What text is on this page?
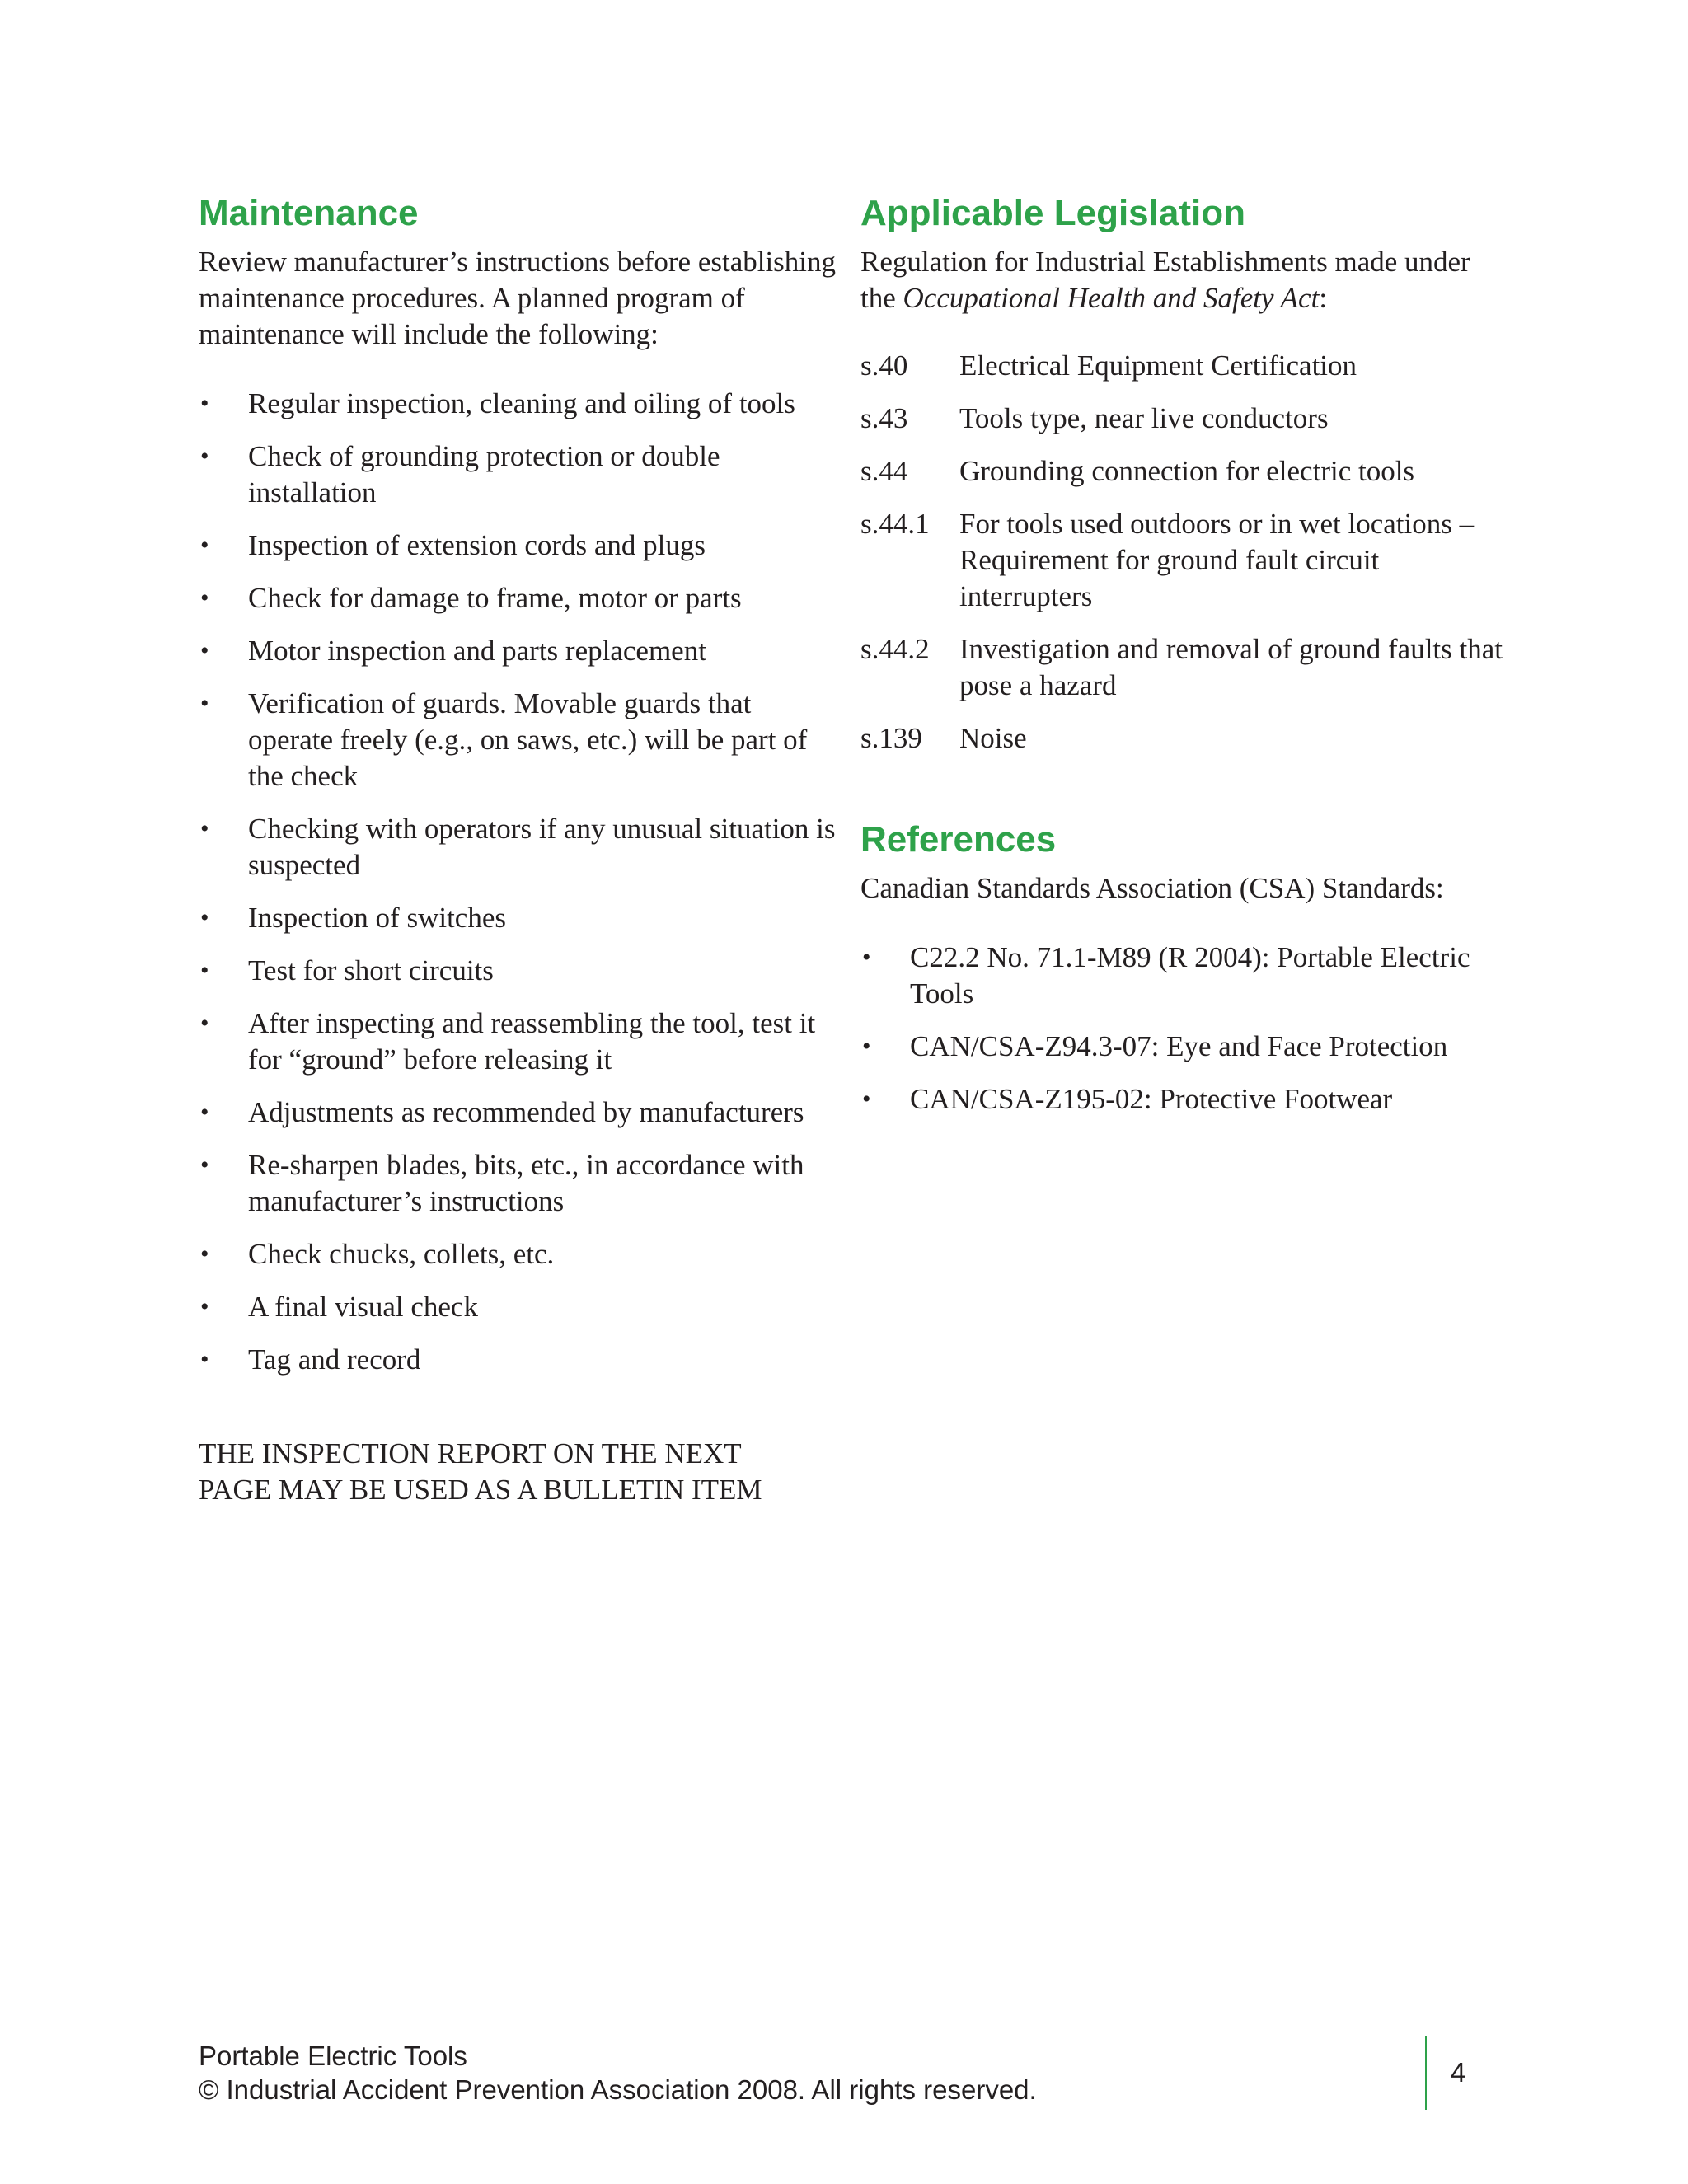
Maintenance

Review manufacturer’s instructions before establishing maintenance procedures. A planned program of maintenance will include the following:

• Regular inspection, cleaning and oiling of tools
• Check of grounding protection or double installation
• Inspection of extension cords and plugs
• Check for damage to frame, motor or parts
• Motor inspection and parts replacement
• Verification of guards. Movable guards that operate freely (e.g., on saws, etc.) will be part of the check
• Checking with operators if any unusual situation is suspected
• Inspection of switches
• Test for short circuits
• After inspecting and reassembling the tool, test it for “ground” before releasing it
• Adjustments as recommended by manufacturers
• Re-sharpen blades, bits, etc., in accordance with manufacturer’s instructions
• Check chucks, collets, etc.
• A final visual check
• Tag and record
THE INSPECTION REPORT ON THE NEXT
PAGE MAY BE USED AS A BULLETIN ITEM
Applicable Legislation

Regulation for Industrial Establishments made under the Occupational Health and Safety Act:

s.40	Electrical Equipment Certification
s.43	Tools type, near live conductors
s.44	Grounding connection for electric tools
s.44.1	For tools used outdoors or in wet locations – Requirement for ground fault circuit interrupters
s.44.2	Investigation and removal of ground faults that pose a hazard
s.139	Noise
References

Canadian Standards Association (CSA) Standards:

• C22.2 No. 71.1-M89 (R 2004): Portable Electric Tools
• CAN/CSA-Z94.3-07: Eye and Face Protection
• CAN/CSA-Z195-02: Protective Footwear
Portable Electric Tools
© Industrial Accident Prevention Association 2008. All rights reserved.
4
